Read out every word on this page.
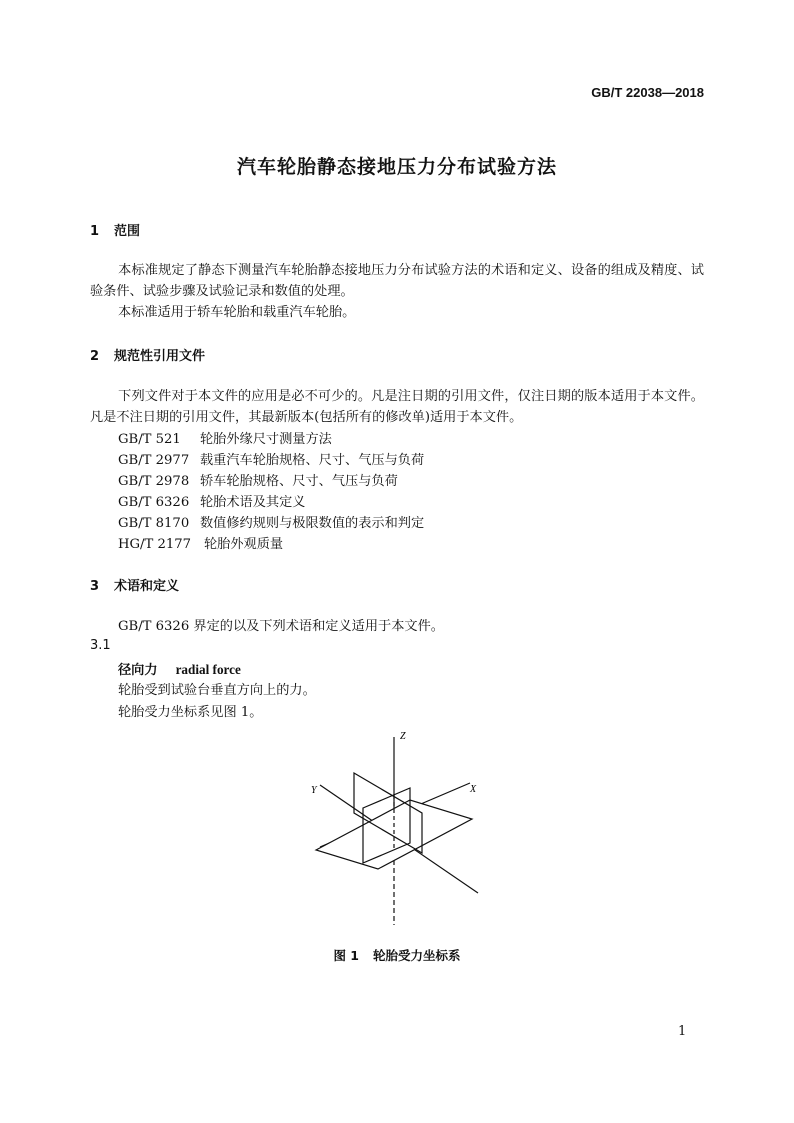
GB/T 22038—2018
汽车轮胎静态接地压力分布试验方法
1 范围
本标准规定了静态下测量汽车轮胎静态接地压力分布试验方法的术语和定义、设备的组成及精度、试验条件、试验步骤及试验记录和数值的处理。
本标准适用于轿车轮胎和载重汽车轮胎。
2 规范性引用文件
下列文件对于本文件的应用是必不可少的。凡是注日期的引用文件，仅注日期的版本适用于本文件。凡是不注日期的引用文件，其最新版本(包括所有的修改单)适用于本文件。
GB/T 521 轮胎外缘尺寸测量方法
GB/T 2977 载重汽车轮胎规格、尺寸、气压与负荷
GB/T 2978 轿车轮胎规格、尺寸、气压与负荷
GB/T 6326 轮胎术语及其定义
GB/T 8170 数值修约规则与极限数值的表示和判定
HG/T 2177 轮胎外观质量
3 术语和定义
GB/T 6326 界定的以及下列术语和定义适用于本文件。
3.1
径向力 radial force
轮胎受到试验台垂直方向上的力。
轮胎受力坐标系见图 1。
Z
X
Y
图 1 轮胎受力坐标系
1
